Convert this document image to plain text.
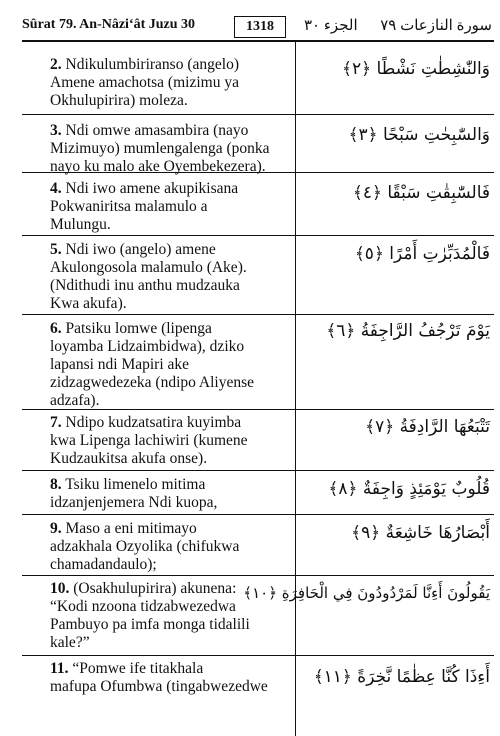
Sûrat 79. An-Nâzi‘ât Juzu 30	1318	الجزء ٣٠ سورة النازعات ٧٩
2. Ndikulumbiriranso (angelo)
Amene amachotsa (mizimu ya
Okhulupirira) moleza.
وَالنّٰشِطٰتِ نَشْطًا ﴿٢﴾
3. Ndi omwe amasambira (nayo
Mizimuyo) mumlengalenga (ponka
nayo ku malo ake Oyembekezera).
وَالسّٰبِحٰتِ سَبْحًا ﴿٣﴾
4. Ndi iwo amene akupikisana
Pokwaniritsa malamulo a
Mulungu.
فَالسّٰبِقٰتِ سَبْقًا ﴿٤﴾
5. Ndi iwo (angelo) amene
Akulongosola malamulo (Ake).
(Ndithudi inu anthu mudzauka
Kwa akufa).
فَالْمُدَبِّرٰتِ أَمْرًا ﴿٥﴾
6. Patsiku lomwe (lipenga
loyamba Lidzaimbidwa), dziko
lapansi ndi Mapiri ake
zidzagwedezeka (ndipo Aliyense
adzafa).
يَوْمَ تَرْجُفُ الرَّاجِفَةُ ﴿٦﴾
7. Ndipo kudzatsatira kuyimba
kwa Lipenga lachiwiri (kumene
Kudzaukitsa akufa onse).
تَتْبَعُهَا الرَّادِفَةُ ﴿٧﴾
8. Tsiku limenelo mitima
idzanjenjemera Ndi kuopa,
قُلُوبٌ يَوْمَئِذٍ وَاجِفَةٌ ﴿٨﴾
9. Maso a eni mitimayo
adzakhala Ozyolika (chifukwa
chamadandaulo);
أَبْصَارُهَا خَاشِعَةٌ ﴿٩﴾
10. (Osakhulupirira) akunena:
“Kodi nzoona tidzabwezedwa
Pambuyo pa imfa monga tidalili
kale?”
يَقُولُونَ أَءِنَّا لَمَرْدُودُونَ فِي الْحَافِرَةِ ﴿١٠﴾
11. “Pomwe ife titakhala
mafupa Ofumbwa (tingabwezedwe	أَءِذَا كُنَّا عِظٰمًا نَّخِرَةً ﴿١١﴾
